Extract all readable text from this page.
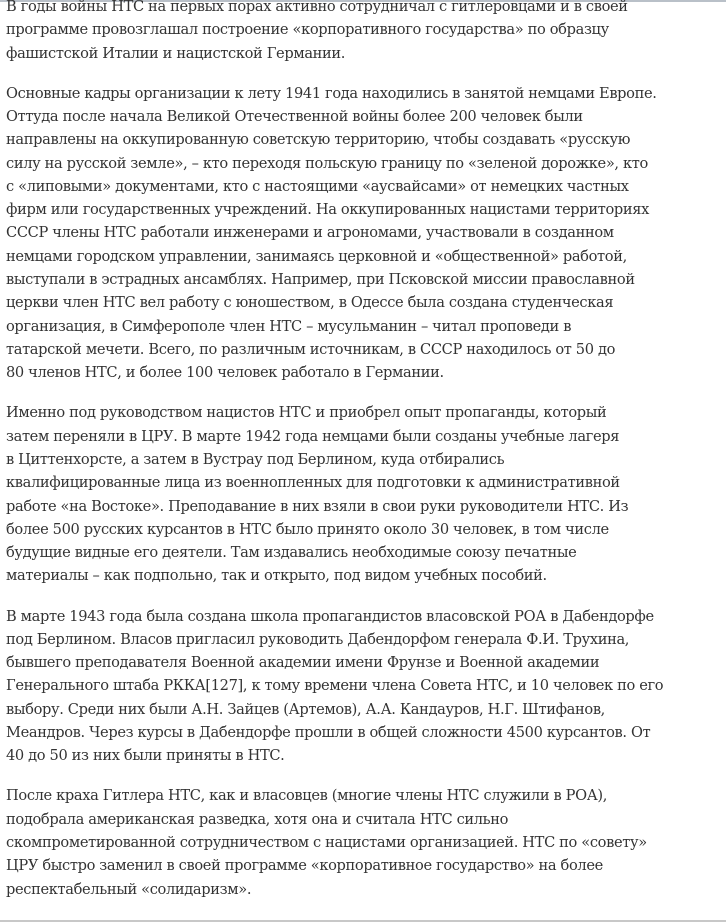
В годы войны НТС на первых порах активно сотрудничал с гитлеровцами и в своей
программе провозглашал построение «корпоративного государства» по образцу
фашистской Италии и нацистской Германии.

Основные кадры организации к лету 1941 года находились в занятой немцами Европе.
Оттуда после начала Великой Отечественной войны более 200 человек были
направлены на оккупированную советскую территорию, чтобы создавать «русскую
силу на русской земле», – кто переходя польскую границу по «зеленой дорожке», кто
с «липовыми» документами, кто с настоящими «аусвайсами» от немецких частных
фирм или государственных учреждений. На оккупированных нацистами территориях
СССР члены НТС работали инженерами и агрономами, участвовали в созданном
немцами городском управлении, занимаясь церковной и «общественной» работой,
выступали в эстрадных ансамблях. Например, при Псковской миссии православной
церкви член НТС вел работу с юношеством, в Одессе была создана студенческая
организация, в Симферополе член НТС – мусульманин – читал проповеди в
татарской мечети. Всего, по различным источникам, в СССР находилось от 50 до
80 членов НТС, и более 100 человек работало в Германии.

Именно под руководством нацистов НТС и приобрел опыт пропаганды, который
затем переняли в ЦРУ. В марте 1942 года немцами были созданы учебные лагеря
в Циттенхорсте, а затем в Вустрау под Берлином, куда отбирались
квалифицированные лица из военнопленных для подготовки к административной
работе «на Востоке». Преподавание в них взяли в свои руки руководители НТС. Из
более 500 русских курсантов в НТС было принято около 30 человек, в том числе
будущие видные его деятели. Там издавались необходимые союзу печатные
материалы – как подпольно, так и открыто, под видом учебных пособий.

В марте 1943 года была создана школа пропагандистов власовской РОА в Дабендорфе
под Берлином. Власов пригласил руководить Дабендорфом генерала Ф.И. Трухина,
бывшего преподавателя Военной академии имени Фрунзе и Военной академии
Генерального штаба РККА[127], к тому времени члена Совета НТС, и 10 человек по его
выбору. Среди них были А.Н. Зайцев (Артемов), А.А. Кандауров, Н.Г. Штифанов,
Меандров. Через курсы в Дабендорфе прошли в общей сложности 4500 курсантов. От
40 до 50 из них были приняты в НТС.

После краха Гитлера НТС, как и власовцев (многие члены НТС служили в РОА),
подобрала американская разведка, хотя она и считала НТС сильно
скомпрометированной сотрудничеством с нацистами организацией. НТС по «совету»
ЦРУ быстро заменил в своей программе «корпоративное государство» на более
респектабельный «солидаризм».
